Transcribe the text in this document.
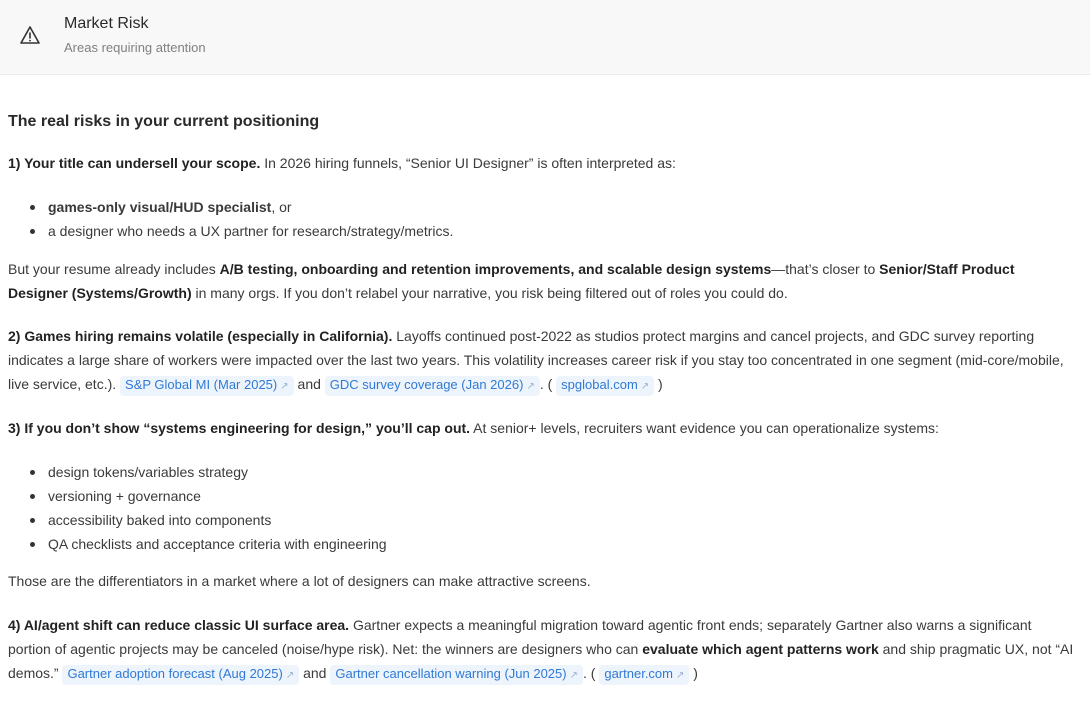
Market Risk
Areas requiring attention
The real risks in your current positioning
1) Your title can undersell your scope. In 2026 hiring funnels, “Senior UI Designer” is often interpreted as:
games-only visual/HUD specialist, or
a designer who needs a UX partner for research/strategy/metrics.
But your resume already includes A/B testing, onboarding and retention improvements, and scalable design systems—that’s closer to Senior/Staff Product Designer (Systems/Growth) in many orgs. If you don’t relabel your narrative, you risk being filtered out of roles you could do.
2) Games hiring remains volatile (especially in California). Layoffs continued post-2022 as studios protect margins and cancel projects, and GDC survey reporting indicates a large share of workers were impacted over the last two years. This volatility increases career risk if you stay too concentrated in one segment (mid-core/mobile, live service, etc.). S&P Global MI (Mar 2025) ↗ and GDC survey coverage (Jan 2026) ↗ . ( spglobal.com ↗ )
3) If you don’t show “systems engineering for design,” you’ll cap out. At senior+ levels, recruiters want evidence you can operationalize systems:
design tokens/variables strategy
versioning + governance
accessibility baked into components
QA checklists and acceptance criteria with engineering
Those are the differentiators in a market where a lot of designers can make attractive screens.
4) AI/agent shift can reduce classic UI surface area. Gartner expects a meaningful migration toward agentic front ends; separately Gartner also warns a significant portion of agentic projects may be canceled (noise/hype risk). Net: the winners are designers who can evaluate which agent patterns work and ship pragmatic UX, not “AI demos.” Gartner adoption forecast (Aug 2025) ↗ and Gartner cancellation warning (Jun 2025) ↗ . ( gartner.com ↗ )
